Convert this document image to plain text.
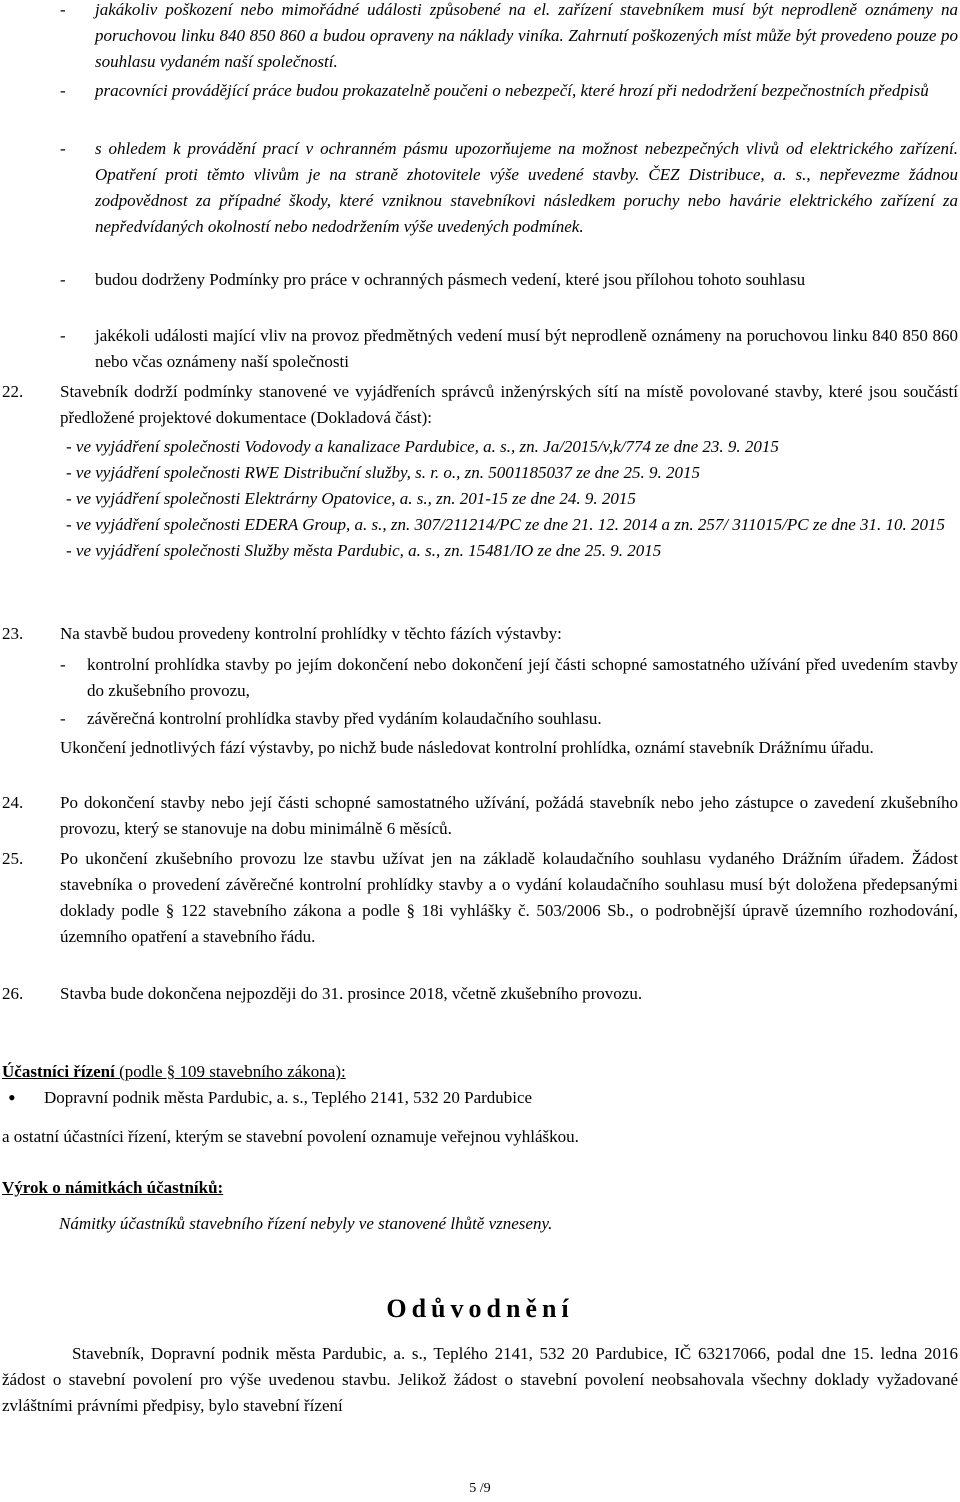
- jakákoliv poškození nebo mimořádné události způsobené na el. zařízení stavebníkem musí být neprodleně oznámeny na poruchovou linku 840 850 860 a budou opraveny na náklady viníka. Zahrnutí poškozených míst může být provedeno pouze po souhlasu vydaném naší společností.
- pracovníci provádějící práce budou prokazatelně poučeni o nebezpečí, které hrozí při nedodržení bezpečnostních předpisů
- s ohledem k provádění prací v ochranném pásmu upozorňujeme na možnost nebezpečných vlivů od elektrického zařízení. Opatření proti těmto vlivům je na straně zhotovitele výše uvedené stavby. ČEZ Distribuce, a. s., nepřevezme žádnou zodpovědnost za případné škody, které vzniknou stavebníkovi následkem poruchy nebo havárie elektrického zařízení za nepředvídaných okolností nebo nedodržením výše uvedených podmínek.
- budou dodrženy Podmínky pro práce v ochranných pásmech vedení, které jsou přílohou tohoto souhlasu
- jakékoli události mající vliv na provoz předmětných vedení musí být neprodleně oznámeny na poruchovou linku 840 850 860 nebo včas oznámeny naší společnosti
22. Stavebník dodrží podmínky stanovené ve vyjádřeních správců inženýrských sítí na místě povolované stavby, které jsou součástí předložené projektové dokumentace (Dokladová část):
- ve vyjádření společnosti Vodovody a kanalizace Pardubice, a. s., zn. Ja/2015/v,k/774 ze dne 23. 9. 2015
- ve vyjádření společnosti RWE Distribuční služby, s. r. o., zn. 5001185037 ze dne 25. 9. 2015
- ve vyjádření společnosti Elektrárny Opatovice, a. s., zn. 201-15 ze dne 24. 9. 2015
- ve vyjádření společnosti EDERA Group, a. s., zn. 307/211214/PC ze dne 21. 12. 2014 a zn. 257/ 311015/PC ze dne 31. 10. 2015
- ve vyjádření společnosti Služby města Pardubic, a. s., zn. 15481/IO ze dne 25. 9. 2015
23. Na stavbě budou provedeny kontrolní prohlídky v těchto fázích výstavby:
- kontrolní prohlídka stavby po jejím dokončení nebo dokončení její části schopné samostatného užívání před uvedením stavby do zkušebního provozu,
- závěrečná kontrolní prohlídka stavby před vydáním kolaudačního souhlasu.
Ukončení jednotlivých fází výstavby, po nichž bude následovat kontrolní prohlídka, oznámí stavebník Drážnímu úřadu.
24. Po dokončení stavby nebo její části schopné samostatného užívání, požádá stavebník nebo jeho zástupce o zavedení zkušebního provozu, který se stanovuje na dobu minimálně 6 měsíců.
25. Po ukončení zkušebního provozu lze stavbu užívat jen na základě kolaudačního souhlasu vydaného Drážním úřadem. Žádost stavebníka o provedení závěrečné kontrolní prohlídky stavby a o vydání kolaudačního souhlasu musí být doložena předepsanými doklady podle § 122 stavebního zákona a podle § 18i vyhlášky č. 503/2006 Sb., o podrobnější úpravě územního rozhodování, územního opatření a stavebního řádu.
26. Stavba bude dokončena nejpozději do 31. prosince 2018, včetně zkušebního provozu.
Účastníci řízení (podle § 109 stavebního zákona):
• Dopravní podnik města Pardubic, a. s., Teplého 2141, 532 20 Pardubice
a ostatní účastníci řízení, kterým se stavební povolení oznamuje veřejnou vyhláškou.
Výrok o námitkách účastníků:
Námitky účastníků stavebního řízení nebyly ve stanovené lhůtě vzneseny.
Odůvodnění
Stavebník, Dopravní podnik města Pardubic, a. s., Teplého 2141, 532 20 Pardubice, IČ 63217066, podal dne 15. ledna 2016 žádost o stavební povolení pro výše uvedenou stavbu. Jelikož žádost o stavební povolení neobsahovala všechny doklady vyžadované zvláštními právními předpisy, bylo stavební řízení
5 /9
